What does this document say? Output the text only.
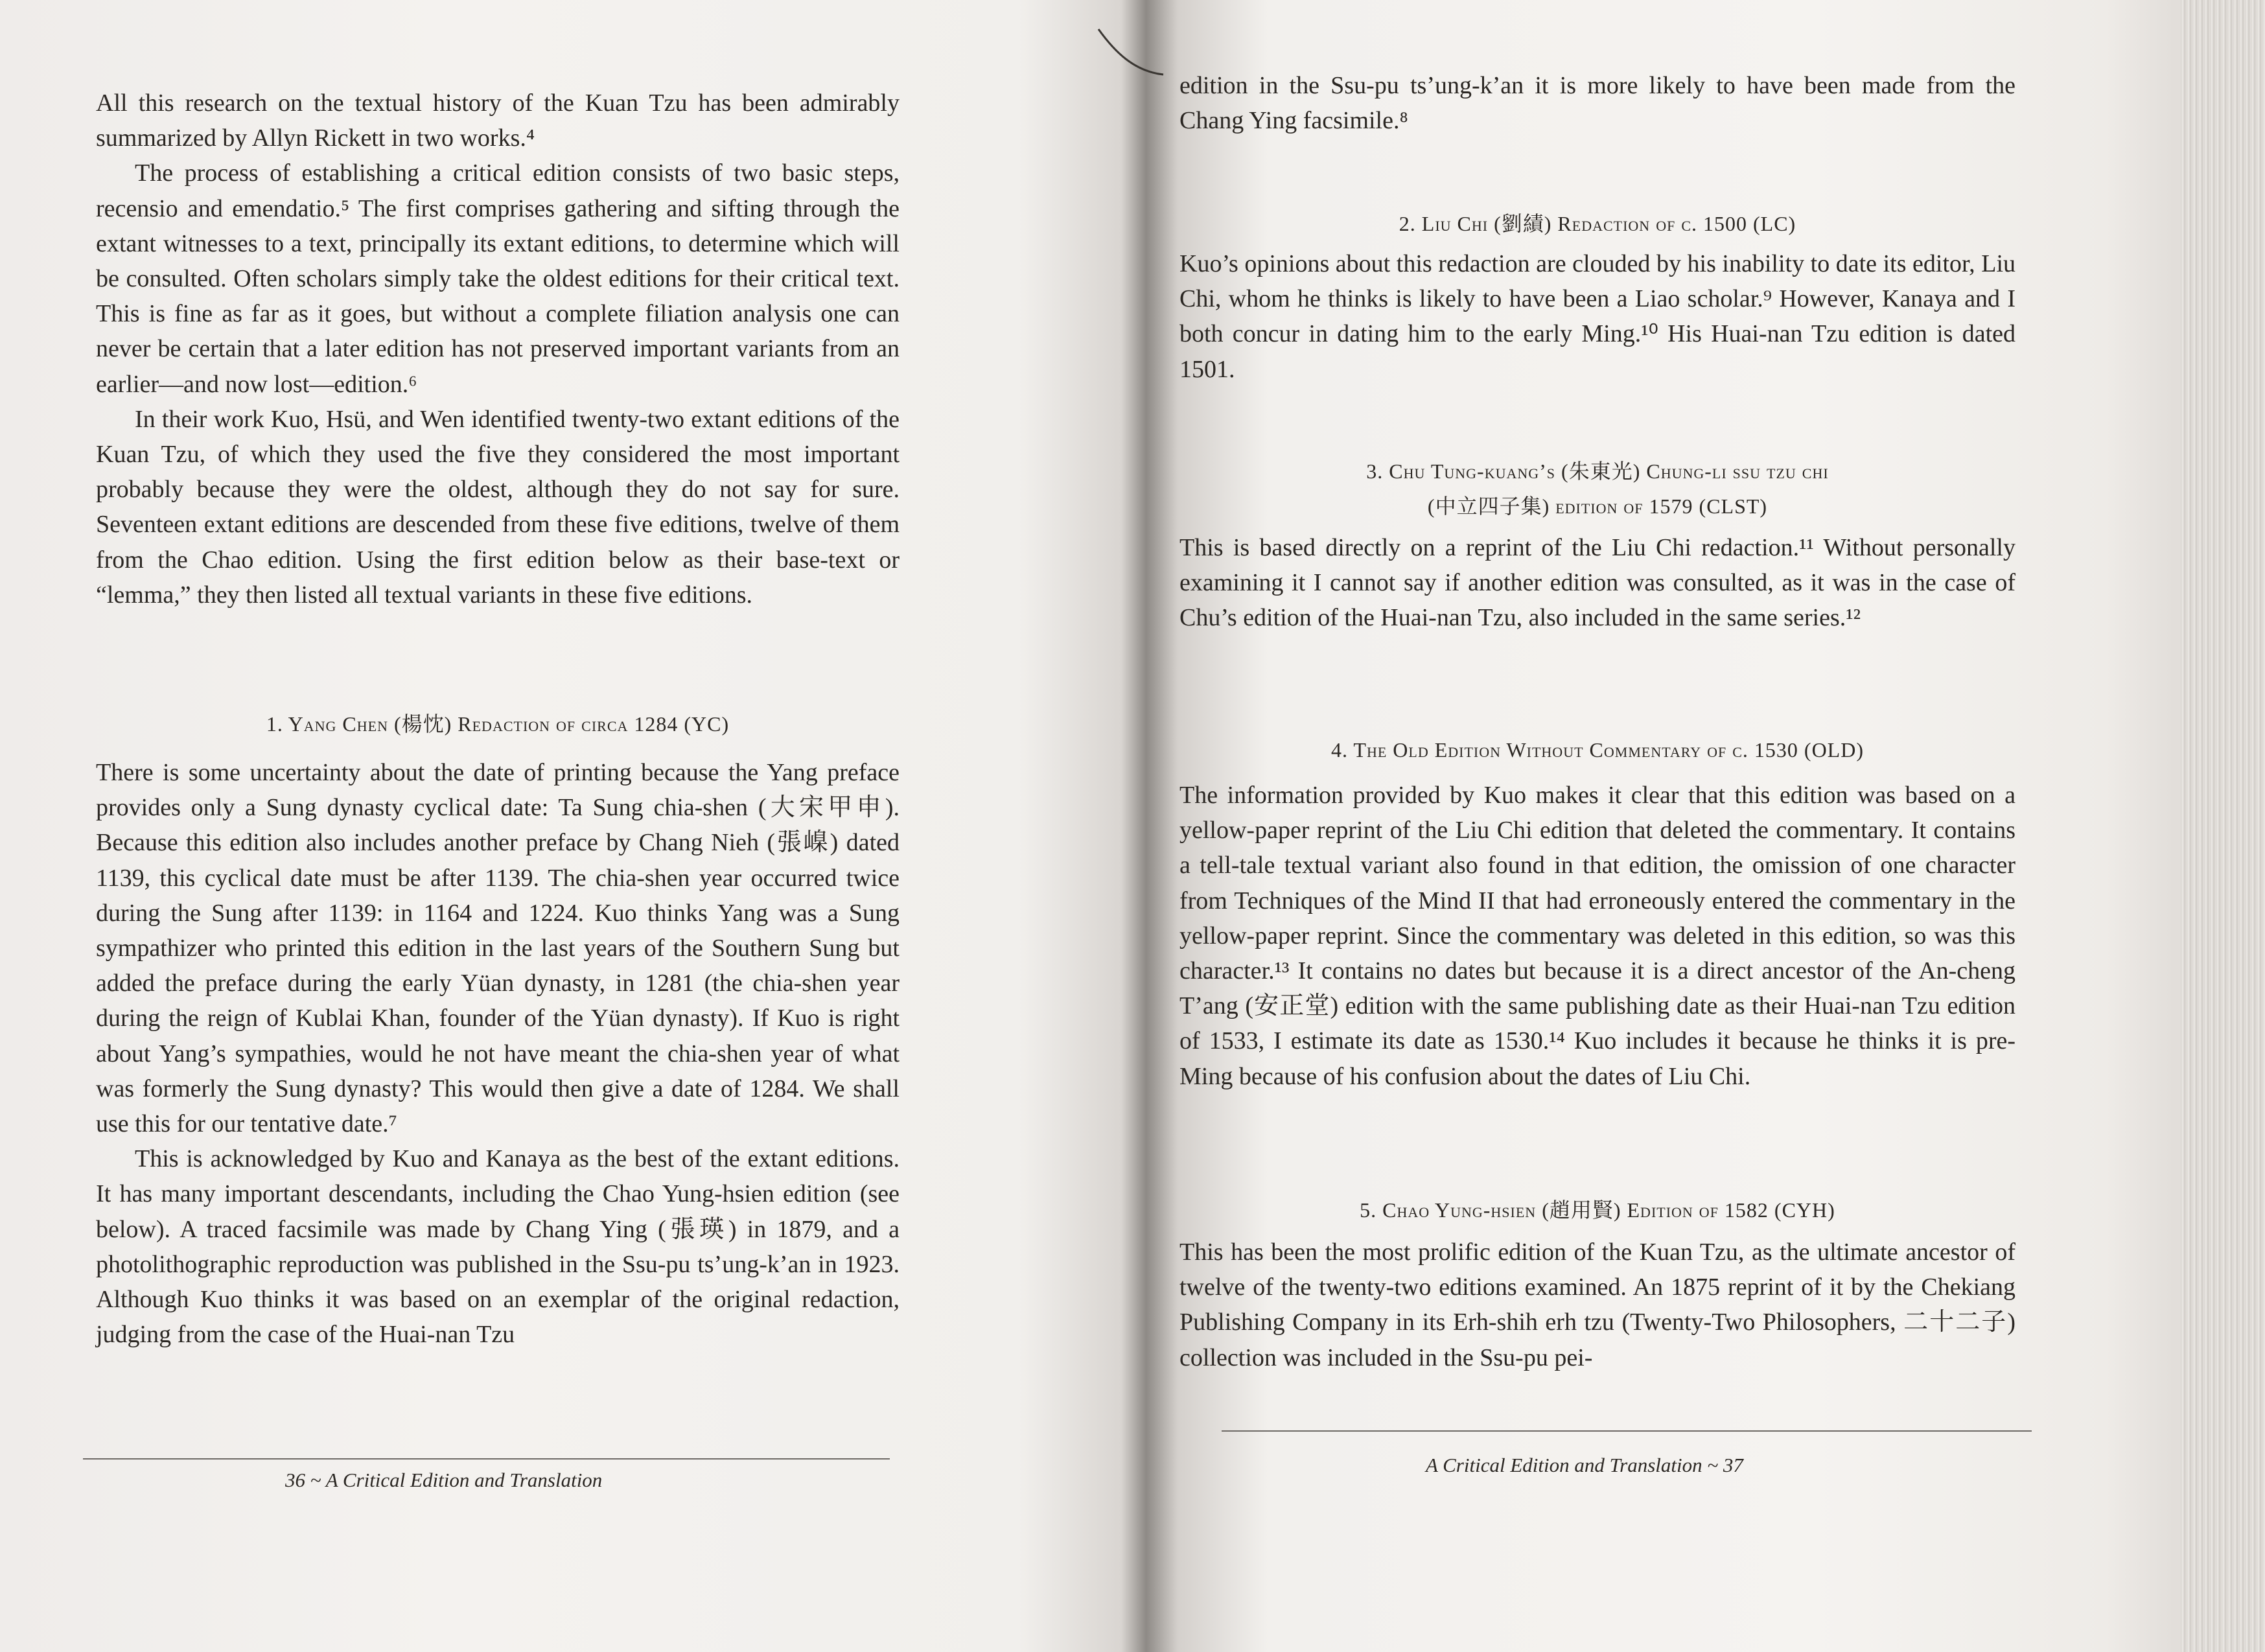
All this research on the textual history of the Kuan Tzu has been admirably summarized by Allyn Rickett in two works.⁴

The process of establishing a critical edition consists of two basic steps, recensio and emendatio.⁵ The first comprises gathering and sifting through the extant witnesses to a text, principally its extant editions, to determine which will be consulted. Often scholars simply take the oldest editions for their critical text. This is fine as far as it goes, but without a complete filiation analysis one can never be certain that a later edition has not preserved important variants from an earlier—and now lost—edition.⁶

In their work Kuo, Hsü, and Wen identified twenty-two extant editions of the Kuan Tzu, of which they used the five they considered the most important probably because they were the oldest, although they do not say for sure. Seventeen extant editions are descended from these five editions, twelve of them from the Chao edition. Using the first edition below as their base-text or “lemma,” they then listed all textual variants in these five editions.

1. Yang Chen (楊忱) Redaction of circa 1284 (YC)

There is some uncertainty about the date of printing because the Yang preface provides only a Sung dynasty cyclical date: Ta Sung chia-shen (大宋甲申). Because this edition also includes another preface by Chang Nieh (張嵲) dated 1139, this cyclical date must be after 1139. The chia-shen year occurred twice during the Sung after 1139: in 1164 and 1224. Kuo thinks Yang was a Sung sympathizer who printed this edition in the last years of the Southern Sung but added the preface during the early Yüan dynasty, in 1281 (the chia-shen year during the reign of Kublai Khan, founder of the Yüan dynasty). If Kuo is right about Yang’s sympathies, would he not have meant the chia-shen year of what was formerly the Sung dynasty? This would then give a date of 1284. We shall use this for our tentative date.⁷

This is acknowledged by Kuo and Kanaya as the best of the extant editions. It has many important descendants, including the Chao Yung-hsien edition (see below). A traced facsimile was made by Chang Ying (張瑛) in 1879, and a photolithographic reproduction was published in the Ssu-pu ts’ung-k’an in 1923. Although Kuo thinks it was based on an exemplar of the original redaction, judging from the case of the Huai-nan Tzu

36 ~ A Critical Edition and Translation

edition in the Ssu-pu ts’ung-k’an it is more likely to have been made from the Chang Ying facsimile.⁸

2. Liu Chi (劉績) Redaction of c. 1500 (LC)

Kuo’s opinions about this redaction are clouded by his inability to date its editor, Liu Chi, whom he thinks is likely to have been a Liao scholar.⁹ However, Kanaya and I both concur in dating him to the early Ming.¹⁰ His Huai-nan Tzu edition is dated 1501.

3. Chu Tung-kuang’s (朱東光) Chung-li ssu tzu chi

(中立四子集) edition of 1579 (CLST)

This is based directly on a reprint of the Liu Chi redaction.¹¹ Without personally examining it I cannot say if another edition was consulted, as it was in the case of Chu’s edition of the Huai-nan Tzu, also included in the same series.¹²

4. The Old Edition Without Commentary of c. 1530 (OLD)

The information provided by Kuo makes it clear that this edition was based on a yellow-paper reprint of the Liu Chi edition that deleted the commentary. It contains a tell-tale textual variant also found in that edition, the omission of one character from Techniques of the Mind II that had erroneously entered the commentary in the yellow-paper reprint. Since the commentary was deleted in this edition, so was this character.¹³ It contains no dates but because it is a direct ancestor of the An-cheng T’ang (安正堂) edition with the same publishing date as their Huai-nan Tzu edition of 1533, I estimate its date as 1530.¹⁴ Kuo includes it because he thinks it is pre-Ming because of his confusion about the dates of Liu Chi.

5. Chao Yung-hsien (趙用賢) Edition of 1582 (CYH)

This has been the most prolific edition of the Kuan Tzu, as the ultimate ancestor of twelve of the twenty-two editions examined. An 1875 reprint of it by the Chekiang Publishing Company in its Erh-shih erh tzu (Twenty-Two Philosophers, 二十二子) collection was included in the Ssu-pu pei-

A Critical Edition and Translation ~ 37
